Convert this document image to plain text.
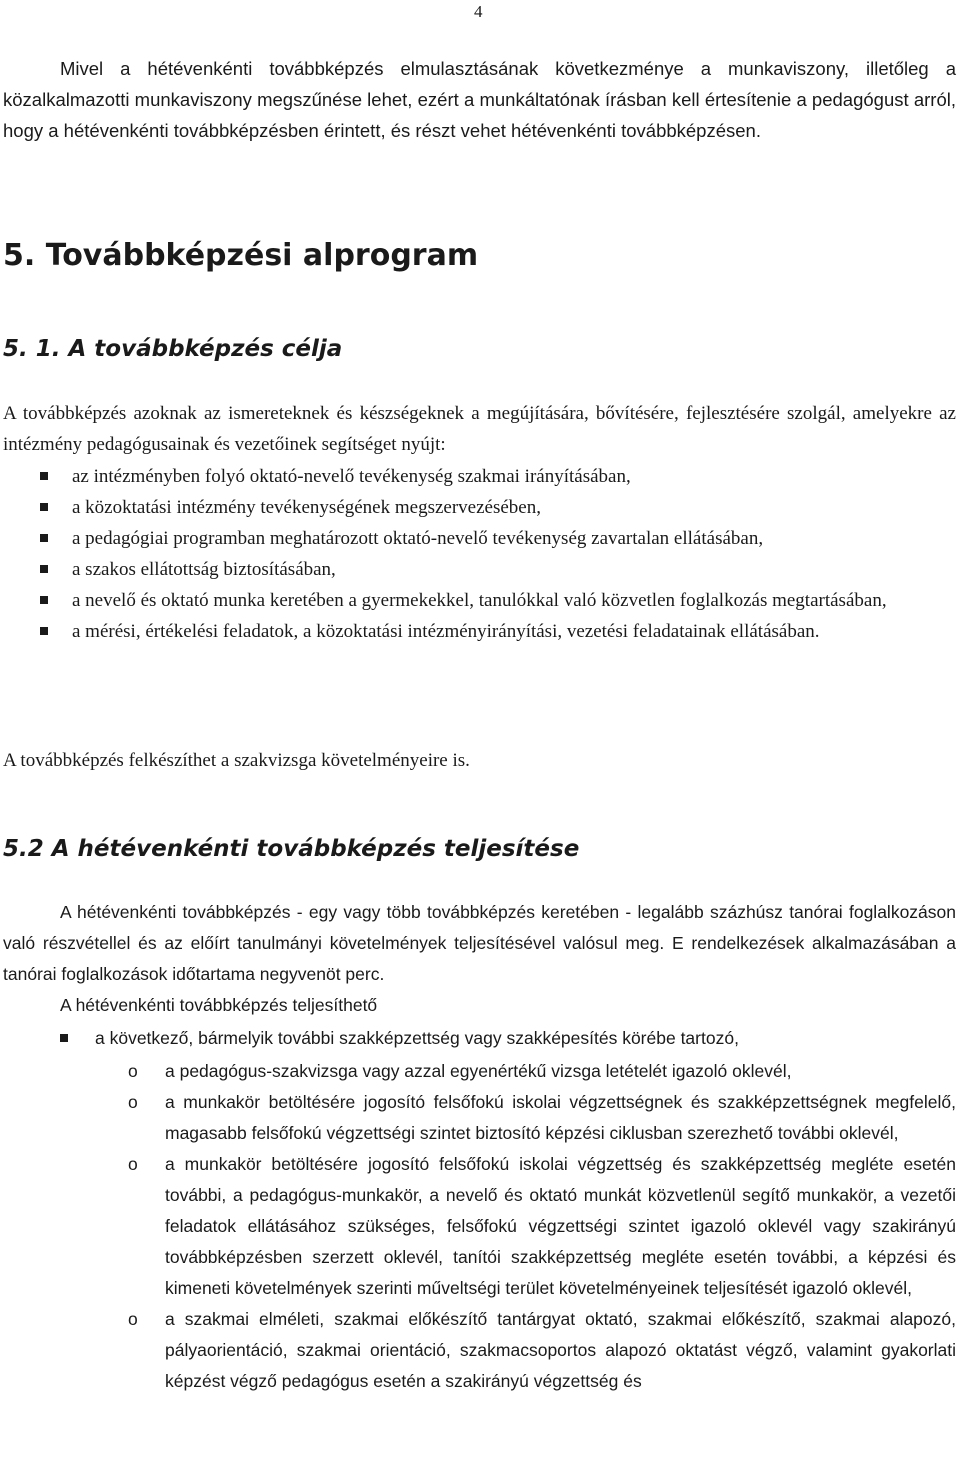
4

Mivel a hétévenkénti továbbképzés elmulasztásának következménye a munkaviszony, illetőleg a közalkalmazotti munkaviszony megszűnése lehet, ezért a munkáltatónak írásban kell értesítenie a pedagógust arról, hogy a hétévenkénti továbbképzésben érintett, és részt vehet hétévenkénti továbbképzésen.

5. Továbbképzési alprogram
5. 1. A továbbképzés célja

A továbbképzés azoknak az ismereteknek és készségeknek a megújítására, bővítésére, fejlesztésére szolgál, amelyekre az intézmény pedagógusainak és vezetőinek segítséget nyújt:

az intézményben folyó oktató-nevelő tevékenység szakmai irányításában,
a közoktatási intézmény tevékenységének megszervezésében,
a pedagógiai programban meghatározott oktató-nevelő tevékenység zavartalan ellátásában,
a szakos ellátottság biztosításában,
a nevelő és oktató munka keretében a gyermekekkel, tanulókkal való közvetlen foglalkozás megtartásában,
a mérési, értékelési feladatok, a közoktatási intézményirányítási, vezetési feladatainak ellátásában.

A továbbképzés felkészíthet a szakvizsga követelményeire is.

5.2 A hétévenkénti továbbképzés teljesítése

A hétévenkénti továbbképzés - egy vagy több továbbképzés keretében - legalább százhúsz tanórai foglalkozáson való részvétellel és az előírt tanulmányi követelmények teljesítésével valósul meg. E rendelkezések alkalmazásában a tanórai foglalkozások időtartama negyvenöt perc.

A hétévenkénti továbbképzés teljesíthető

a következő, bármelyik további szakképzettség vagy szakképesítés körébe tartozó,
o a pedagógus-szakvizsga vagy azzal egyenértékű vizsga letételét igazoló oklevél,
o a munkakör betöltésére jogosító felsőfokú iskolai végzettségnek és szakképzettségnek megfelelő, magasabb felsőfokú végzettségi szintet biztosító képzési ciklusban szerezhető további oklevél,
o a munkakör betöltésére jogosító felsőfokú iskolai végzettség és szakképzettség megléte esetén további, a pedagógus-munkakör, a nevelő és oktató munkát közvetlenül segítő munkakör, a vezetői feladatok ellátásához szükséges, felsőfokú végzettségi szintet igazoló oklevél vagy szakirányú továbbképzésben szerzett oklevél, tanítói szakképzettség megléte esetén további, a képzési és kimeneti követelmények szerinti műveltségi terület követelményeinek teljesítését igazoló oklevél,
o a szakmai elméleti, szakmai előkészítő tantárgyat oktató, szakmai előkészítő, szakmai alapozó, pályaorientáció, szakmai orientáció, szakmacsoportos alapozó oktatást végző, valamint gyakorlati képzést végző pedagógus esetén a szakirányú végzettség és
